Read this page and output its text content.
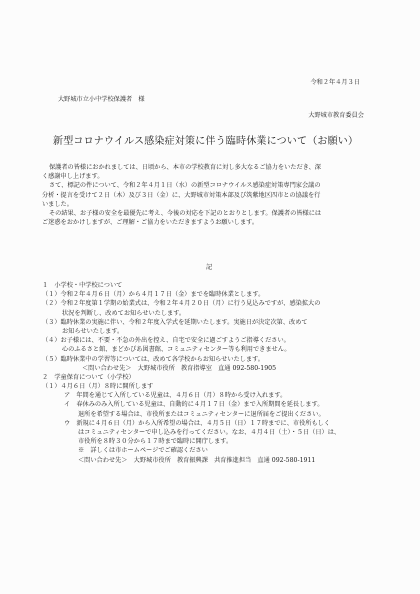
令和２年４月３日
大野城市立小中学校保護者　様
大野城市教育委員会
新型コロナウイルス感染症対策に伴う臨時休業について（お願い）

保護者の皆様におかれましては、日頃から、本市の学校教育に対し多大なるご協力をいただき、深

く感謝申し上げます。

さて、標記の件について、令和２年４月１日（水）の新型コロナウイルス感染症対策専門家会議の

分析・提言を受けて２日（木）及び３日（金）に、大野城市対策本部及び筑紫地区四市との協議を行

いました。

その結果、お子様の安全を最優先に考え、今後の対応を下記のとおりとします。保護者の皆様には

ご迷惑をおかけしますが、ご理解・ご協力をいただきますようお願いします。

記
１　小学校・中学校について
（１）令和２年４月６日（月）から４月１７日（金）までを臨時休業とします。
（２）令和２年度第１学期の始業式は、令和２年４月２０日（月）に行う見込みですが、感染拡大の
状況を判断し、改めてお知らせいたします。
（３）臨時休業の実施に伴い、令和２年度入学式を延期いたします。実施日が決定次第、改めて
お知らせいたします。
（４）お子様には、不要・不急の外出を控え、自宅で安全に過ごすようご指導ください。
心のふるさと館、まどかぴあ図書館、コミュニティセンター等も利用できません。
（５）臨時休業中の学習等については、改めて各学校からお知らせいたします。
＜問い合わせ先＞　大野城市役所　教育指導室　直通 092-580-1905
２　学童保育について（小学校）
（１）４月６日（月）８時に開所します
ア　年間を通じて入所している児童は、４月６日（月）８時から受け入れます。
イ　春休みのみ入所している児童は、自動的に４月１７日（金）まで入所期間を延長します。
退所を希望する場合は、市役所またはコミュニティセンターに退所届をご提出ください。
ウ　新規に４月６日（月）から入所希望の場合は、４月５日（日）１７時までに、市役所もしく
はコミュニティセンターで申し込みを行ってください。なお、４月４日（土）・５日（日）は、
市役所を８時３０分から１７時まで臨時に開庁します。
※　詳しくは市ホームページでご確認ください
＜問い合わせ先＞　大野城市役所　教育振興課　共育推進担当　直通 092-580-1911
